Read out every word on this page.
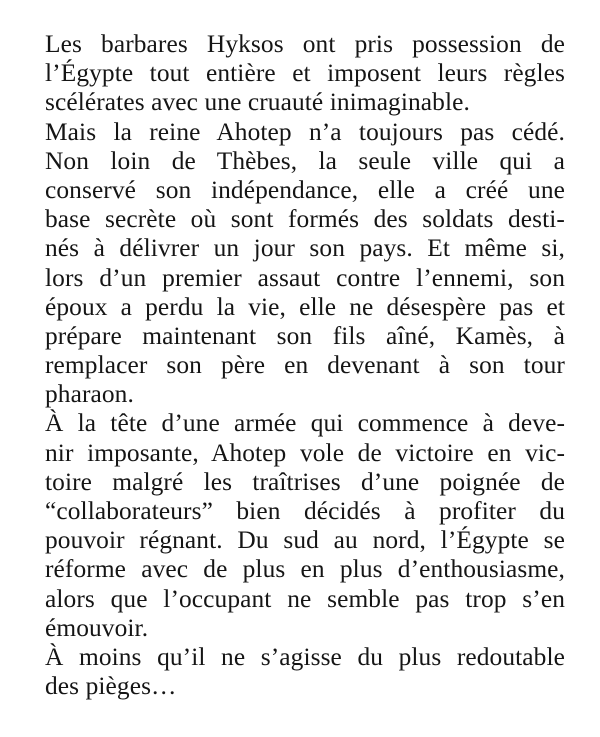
Les barbares Hyksos ont pris possession de
l’Égypte tout entière et imposent leurs règles
scélérates avec une cruauté inimaginable.
Mais la reine Ahotep n’a toujours pas cédé.
Non loin de Thèbes, la seule ville qui a
conservé son indépendance, elle a créé une
base secrète où sont formés des soldats desti-
nés à délivrer un jour son pays. Et même si,
lors d’un premier assaut contre l’ennemi, son
époux a perdu la vie, elle ne désespère pas et
prépare maintenant son fils aîné, Kamès, à
remplacer son père en devenant à son tour
pharaon.
À la tête d’une armée qui commence à deve-
nir imposante, Ahotep vole de victoire en vic-
toire malgré les traîtrises d’une poignée de
“collaborateurs” bien décidés à profiter du
pouvoir régnant. Du sud au nord, l’Égypte se
réforme avec de plus en plus d’enthousiasme,
alors que l’occupant ne semble pas trop s’en
émouvoir.
À moins qu’il ne s’agisse du plus redoutable
des pièges…
